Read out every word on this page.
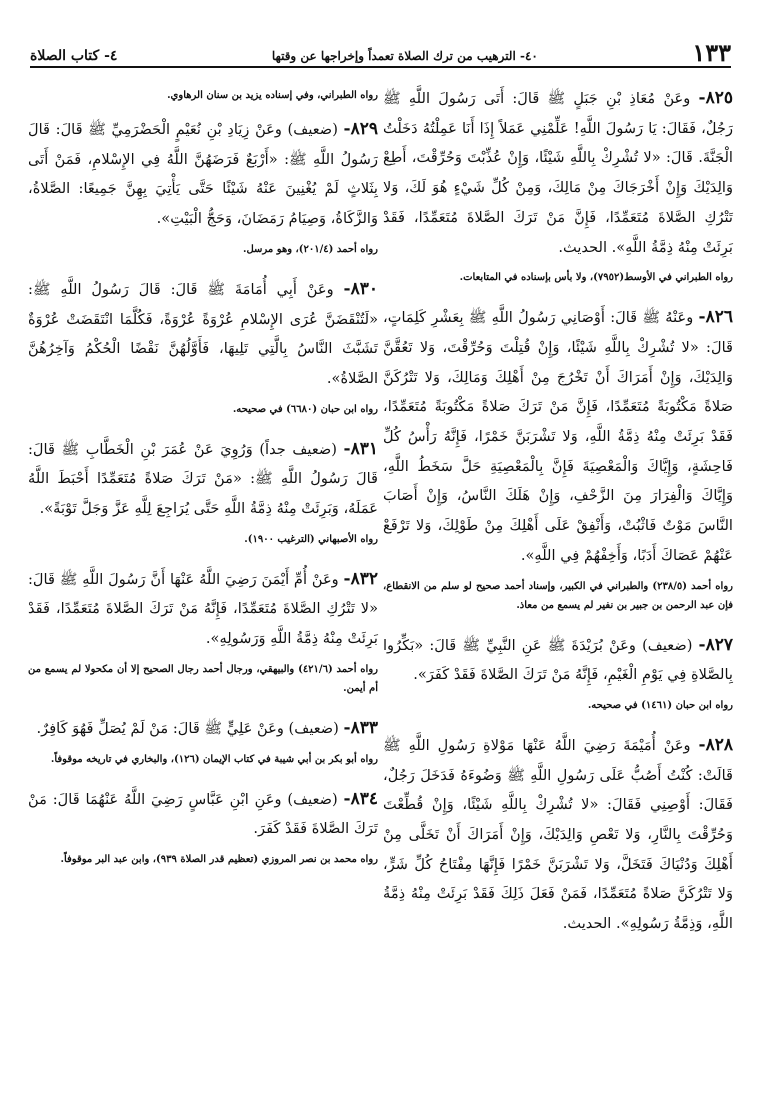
١٣٣
٤٠- الترهيب من ترك الصلاة تعمداً وإخراجها عن وقتها
٤- كتاب الصلاة

٨٢٥- وعَنْ مُعَاذِ بْنِ جَبَلٍ ﷺ قَالَ: أَتَى رَسُولَ اللَّهِ ﷺ رَجُلٌ، فَقَالَ: يَا رَسُولَ اللَّهِ! عَلِّمْنِي عَمَلاً إِذَا أَنَا عَمِلْتُهُ دَخَلْتُ الْجَنَّةَ. قَالَ: «لا تُشْرِكْ بِاللَّهِ شَيْئًا، وَإِنْ عُذِّبْتَ وَحُرِّقْتَ، أَطِعْ وَالِدَيْكَ وَإِنْ أَخْرَجَاكَ مِنْ مَالِكَ، وَمِنْ كُلِّ شَيْءٍ هُوَ لَكَ، وَلا تَتْرُكِ الصَّلاةَ مُتَعَمِّدًا، فَإِنَّ مَنْ تَرَكَ الصَّلاةَ مُتَعَمِّدًا، فَقَدْ بَرِئَتْ مِنْهُ ذِمَّةُ اللَّهِ». الحديث.

رواه الطبراني في الأوسط(٧٩٥٢)، ولا بأس بإسناده في المتابعات.

٨٢٦- وعَنْهُ ﷺ قَالَ: أَوْصَانِي رَسُولُ اللَّهِ ﷺ بِعَشْرِ كَلِمَاتٍ، قَالَ: «لا تُشْرِكْ بِاللَّهِ شَيْئًا، وَإِنْ قُتِلْتَ وَحُرِّقْتَ، وَلا تَعُقَّنَّ وَالِدَيْكَ، وَإِنْ أَمَرَاكَ أَنْ تَخْرُجَ مِنْ أَهْلِكَ وَمَالِكَ، وَلا تَتْرُكَنَّ صَلاةً مَكْتُوبَةً مُتَعَمِّدًا، فَإِنَّ مَنْ تَرَكَ صَلاةً مَكْتُوبَةً مُتَعَمِّدًا، فَقَدْ بَرِئَتْ مِنْهُ ذِمَّةُ اللَّهِ، وَلا تَشْرَبَنَّ خَمْرًا، فَإِنَّهُ رَأْسُ كُلِّ فَاحِشَةٍ، وَإِيَّاكَ وَالْمَعْصِيَةَ فَإِنَّ بِالْمَعْصِيَةِ حَلَّ سَخَطُ اللَّهِ، وَإِيَّاكَ وَالْفِرَارَ مِنَ الزَّحْفِ، وَإِنْ هَلَكَ النَّاسُ، وَإِنْ أَصَابَ النَّاسَ مَوْتٌ فَاثْبُتْ، وَأَنْفِقْ عَلَى أَهْلِكَ مِنْ طَوْلِكَ، وَلا تَرْفَعْ عَنْهُمْ عَصَاكَ أَدَبًا، وَأَخِفْهُمْ فِي اللَّهِ».

رواه أحمد (٢٣٨/٥) والطبراني في الكبير، وإسناد أحمد صحيح لو سلم من الانقطاع، فإن عبد الرحمن بن جبير بن نفير لم يسمع من معاذ.

٨٢٧- (ضعيف) وعَنْ بُرَيْدَةَ ﷺ عَنِ النَّبِيِّ ﷺ قَالَ: «بَكِّرُوا بِالصَّلاةِ فِي يَوْمِ الْغَيْمِ، فَإِنَّهُ مَنْ تَرَكَ الصَّلاةَ فَقَدْ كَفَرَ».

رواه ابن حبان (١٤٦١) في صحيحه.

٨٢٨- وعَنْ أُمَيْمَةَ رَضِيَ اللَّهُ عَنْهَا مَوْلاةِ رَسُولِ اللَّهِ ﷺ قَالَتْ: كُنْتُ أَصُبُّ عَلَى رَسُولِ اللَّهِ ﷺ وَضُوءَهُ فَدَخَلَ رَجُلٌ، فَقَالَ: أَوْصِنِي فَقَالَ: «لا تُشْرِكْ بِاللَّهِ شَيْئًا، وَإِنْ قُطِّعْتَ وَحُرِّقْتَ بِالنَّارِ، وَلا تَعْصِ وَالِدَيْكَ، وَإِنْ أَمَرَاكَ أَنْ تَخَلَّى مِنْ أَهْلِكَ وَدُنْيَاكَ فَتَخَلَّ، وَلا تَشْرَبَنَّ خَمْرًا فَإِنَّهَا مِفْتَاحُ كُلِّ شَرٍّ، وَلا تَتْرُكَنَّ صَلاةً مُتَعَمِّدًا، فَمَنْ فَعَلَ ذَلِكَ فَقَدْ بَرِئَتْ مِنْهُ ذِمَّةُ اللَّهِ، وَذِمَّةُ رَسُولِهِ». الحديث.

رواه الطبراني، وفي إسناده يزيد بن سنان الرهاوي.

٨٢٩- (ضعيف) وعَنْ زِيَادِ بْنِ نُعَيْمٍ الْحَضْرَمِيِّ ﷺ قَالَ: قَالَ رَسُولُ اللَّهِ ﷺ: «أَرْبَعٌ فَرَضَهُنَّ اللَّهُ فِي الإِسْلامِ، فَمَنْ أَتَى بِثَلاثٍ لَمْ يُغْنِينَ عَنْهُ شَيْئًا حَتَّى يَأْتِيَ بِهِنَّ جَمِيعًا: الصَّلاةُ، وَالزَّكَاةُ، وَصِيَامُ رَمَضَانَ، وَحَجُّ الْبَيْتِ».

رواه أحمد (٢٠١/٤)، وهو مرسل.

٨٣٠- وعَنْ أَبِي أُمَامَةَ ﷺ قَالَ: قَالَ رَسُولُ اللَّهِ ﷺ: «لَتُنْقَضَنَّ عُرَى الإِسْلامِ عُرْوَةً عُرْوَةً، فَكُلَّمَا انْتَقَضَتْ عُرْوَةٌ تَشَبَّثَ النَّاسُ بِالَّتِي تَلِيهَا، فَأَوَّلُهُنَّ نَقْضًا الْحُكْمُ وَآخِرُهُنَّ الصَّلاةُ».

رواه ابن حبان (٦٦٨٠) في صحيحه.

٨٣١- (ضعيف جداً) وَرُوِيَ عَنْ عُمَرَ بْنِ الْخَطَّابِ ﷺ قَالَ: قَالَ رَسُولُ اللَّهِ ﷺ: «مَنْ تَرَكَ صَلاةً مُتَعَمِّدًا أَحْبَطَ اللَّهُ عَمَلَهُ، وَبَرِئَتْ مِنْهُ ذِمَّةُ اللَّهِ حَتَّى يُرَاجِعَ لِلَّهِ عَزَّ وَجَلَّ تَوْبَةً».

رواه الأصبهاني (الترغيب ١٩٠٠).

٨٣٢- وعَنْ أُمِّ أَيْمَنَ رَضِيَ اللَّهُ عَنْهَا أَنَّ رَسُولَ اللَّهِ ﷺ قَالَ: «لا تَتْرُكِ الصَّلاةَ مُتَعَمِّدًا، فَإِنَّهُ مَنْ تَرَكَ الصَّلاةَ مُتَعَمِّدًا، فَقَدْ بَرِئَتْ مِنْهُ ذِمَّةُ اللَّهِ وَرَسُولِهِ».

رواه أحمد (٤٢١/٦) والبيهقي، ورجال أحمد رجال الصحيح إلا أن مكحولا لم يسمع من أم أيمن.

٨٣٣- (ضعيف) وعَنْ عَلِيٍّ ﷺ قَالَ: مَنْ لَمْ يُصَلِّ فَهُوَ كَافِرٌ.

رواه أبو بكر بن أبي شيبة في كتاب الإيمان (١٢٦)، والبخاري في تاريخه موقوفاً.

٨٣٤- (ضعيف) وعَنِ ابْنِ عَبَّاسٍ رَضِيَ اللَّهُ عَنْهُمَا قَالَ: مَنْ تَرَكَ الصَّلاةَ فَقَدْ كَفَرَ.

رواه محمد بن نصر المروزي (تعظيم قدر الصلاة ٩٣٩)، وابن عبد البر موقوفاً.
